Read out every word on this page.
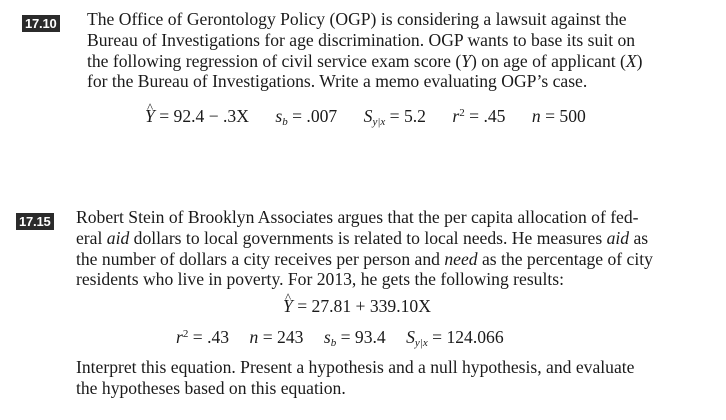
17.10 The Office of Gerontology Policy (OGP) is considering a lawsuit against the
Bureau of Investigations for age discrimination. OGP wants to base its suit on
the following regression of civil service exam score (Y) on age of applicant (X)
for the Bureau of Investigations. Write a memo evaluating OGP’s case.
^ Y = 92.4 − .3X $s_b = .007$ $S_{y|x} = 5.2$ $r^2 = .45$ n = 500
17.15 Robert Stein of Brooklyn Associates argues that the per capita allocation of fed-
eral aid dollars to local governments is related to local needs. He measures aid as
the number of dollars a city receives per person and need as the percentage of city
residents who live in poverty. For 2013, he gets the following results:
^ Y = 27.81 + 339.10X
$r^2 = .43$ n = 243 $s_b = 93.4$ $S_{y|x} = 124.066$
Interpret this equation. Present a hypothesis and a null hypothesis, and evaluate
the hypotheses based on this equation.
